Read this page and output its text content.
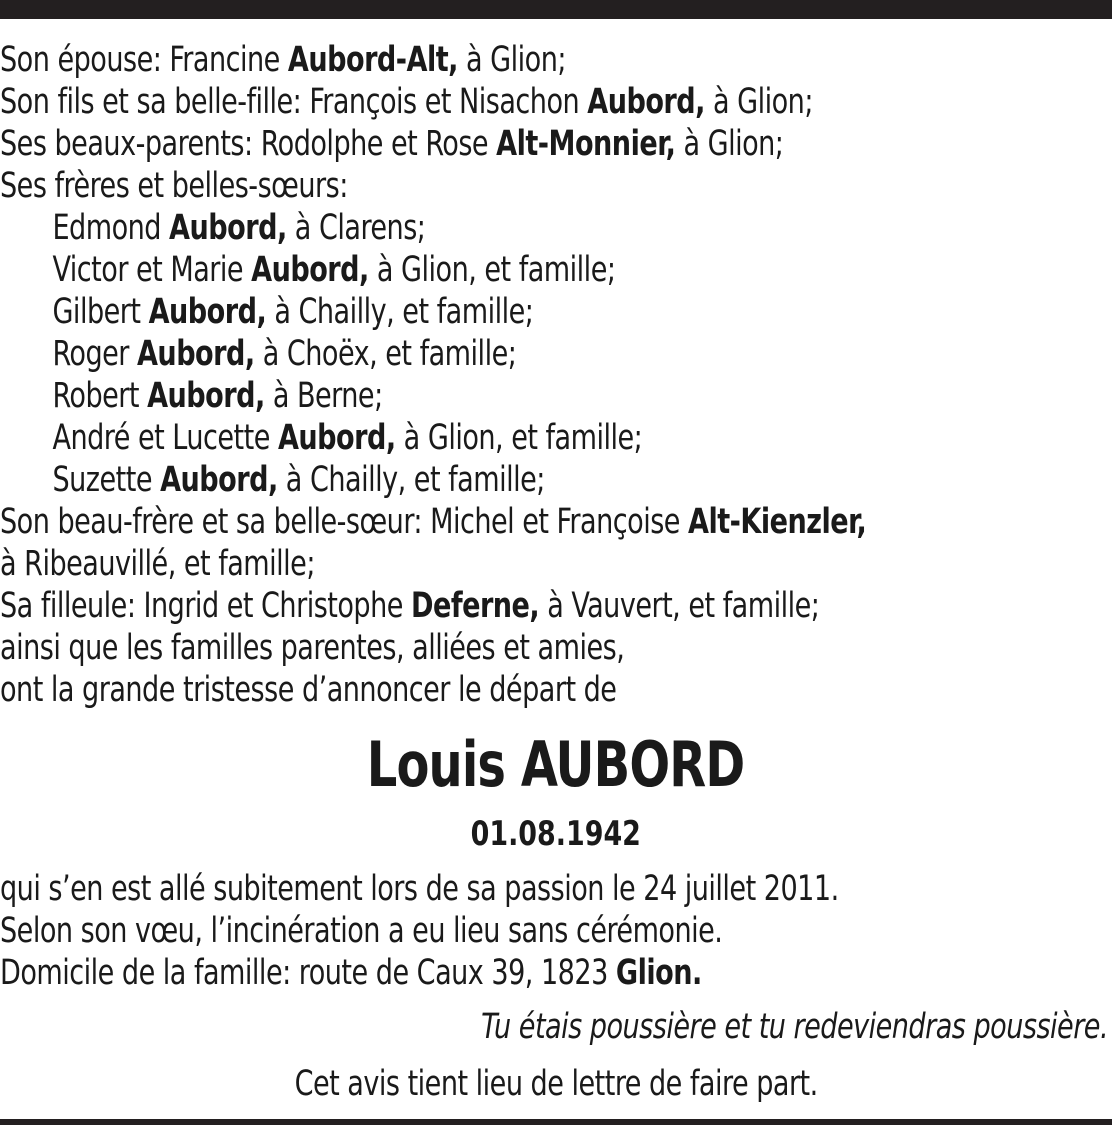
Son épouse: Francine Aubord-Alt, à Glion;
Son fils et sa belle-fille: François et Nisachon Aubord, à Glion;
Ses beaux-parents: Rodolphe et Rose Alt-Monnier, à Glion;
Ses frères et belles-sœurs:
Edmond Aubord, à Clarens;
Victor et Marie Aubord, à Glion, et famille;
Gilbert Aubord, à Chailly, et famille;
Roger Aubord, à Choëx, et famille;
Robert Aubord, à Berne;
André et Lucette Aubord, à Glion, et famille;
Suzette Aubord, à Chailly, et famille;
Son beau-frère et sa belle-sœur: Michel et Françoise Alt-Kienzler,
à Ribeauvillé, et famille;
Sa filleule: Ingrid et Christophe Deferne, à Vauvert, et famille;
ainsi que les familles parentes, alliées et amies,
ont la grande tristesse d’annoncer le départ de
Louis AUBORD
01.08.1942
qui s’en est allé subitement lors de sa passion le 24 juillet 2011.
Selon son vœu, l’incinération a eu lieu sans cérémonie.
Domicile de la famille: route de Caux 39, 1823 Glion.
Tu étais poussière et tu redeviendras poussière.
Cet avis tient lieu de lettre de faire part.
